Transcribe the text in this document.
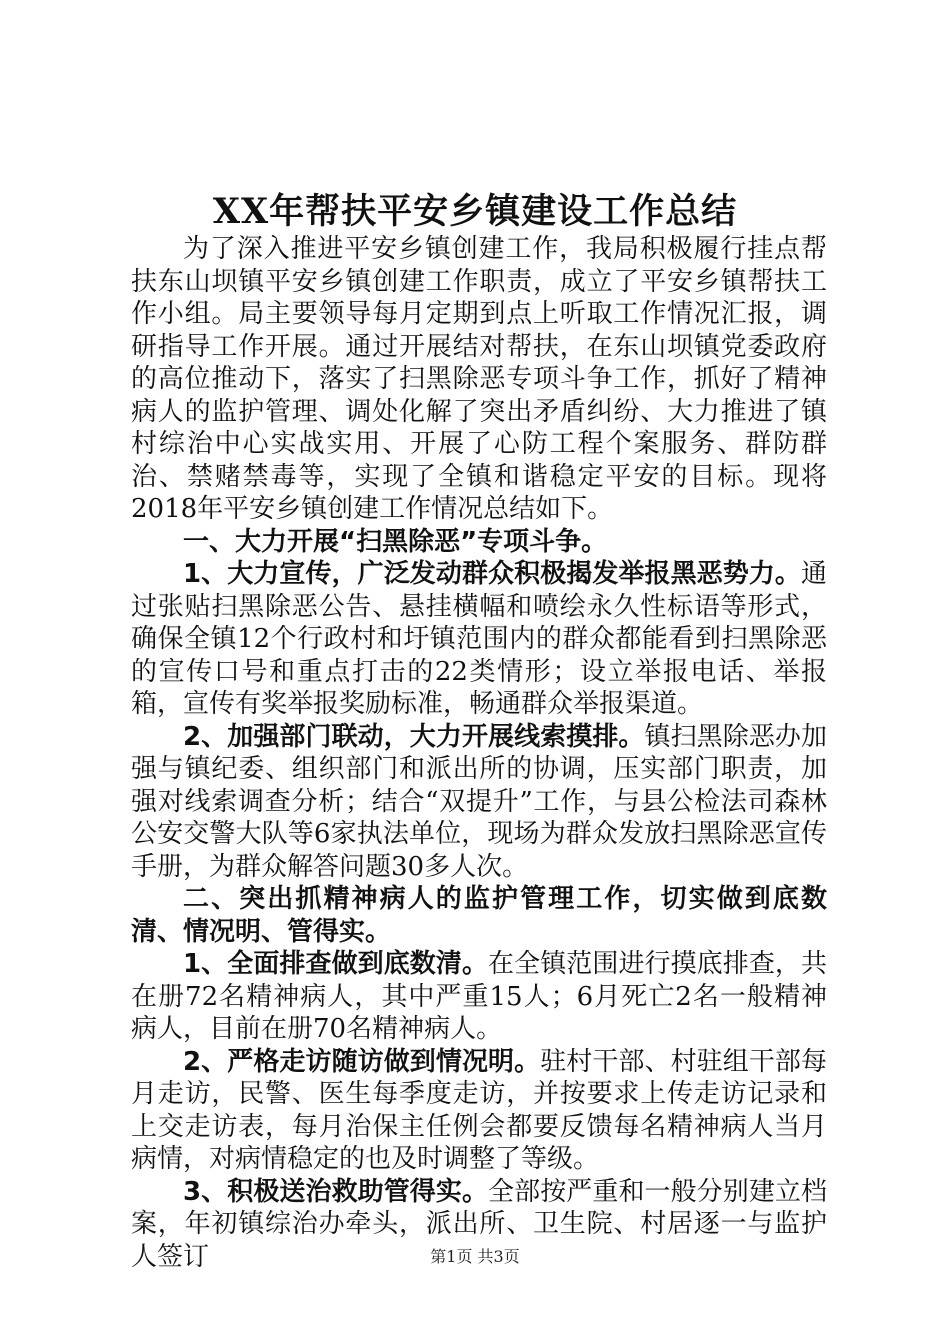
XX年帮扶平安乡镇建设工作总结

为了深入推进平安乡镇创建工作，我局积极履行挂点帮扶东山坝镇平安乡镇创建工作职责，成立了平安乡镇帮扶工作小组。局主要领导每月定期到点上听取工作情况汇报，调研指导工作开展。通过开展结对帮扶，在东山坝镇党委政府的高位推动下，落实了扫黑除恶专项斗争工作，抓好了精神病人的监护管理、调处化解了突出矛盾纠纷、大力推进了镇村综治中心实战实用、开展了心防工程个案服务、群防群治、禁赌禁毒等，实现了全镇和谐稳定平安的目标。现将2018年平安乡镇创建工作情况总结如下。

一、大力开展“扫黑除恶”专项斗争。

1、大力宣传，广泛发动群众积极揭发举报黑恶势力。通过张贴扫黑除恶公告、悬挂横幅和喷绘永久性标语等形式，确保全镇12个行政村和圩镇范围内的群众都能看到扫黑除恶的宣传口号和重点打击的22类情形；设立举报电话、举报箱，宣传有奖举报奖励标准，畅通群众举报渠道。

2、加强部门联动，大力开展线索摸排。镇扫黑除恶办加强与镇纪委、组织部门和派出所的协调，压实部门职责，加强对线索调查分析；结合“双提升”工作，与县公检法司森林公安交警大队等6家执法单位，现场为群众发放扫黑除恶宣传手册，为群众解答问题30多人次。

二、突出抓精神病人的监护管理工作，切实做到底数清、情况明、管得实。

1、全面排查做到底数清。在全镇范围进行摸底排查，共在册72名精神病人，其中严重15人；6月死亡2名一般精神病人，目前在册70名精神病人。

2、严格走访随访做到情况明。驻村干部、村驻组干部每月走访，民警、医生每季度走访，并按要求上传走访记录和上交走访表，每月治保主任例会都要反馈每名精神病人当月病情，对病情稳定的也及时调整了等级。

3、积极送治救助管得实。全部按严重和一般分别建立档案，年初镇综治办牵头，派出所、卫生院、村居逐一与监护人签订	第1页 共3页
